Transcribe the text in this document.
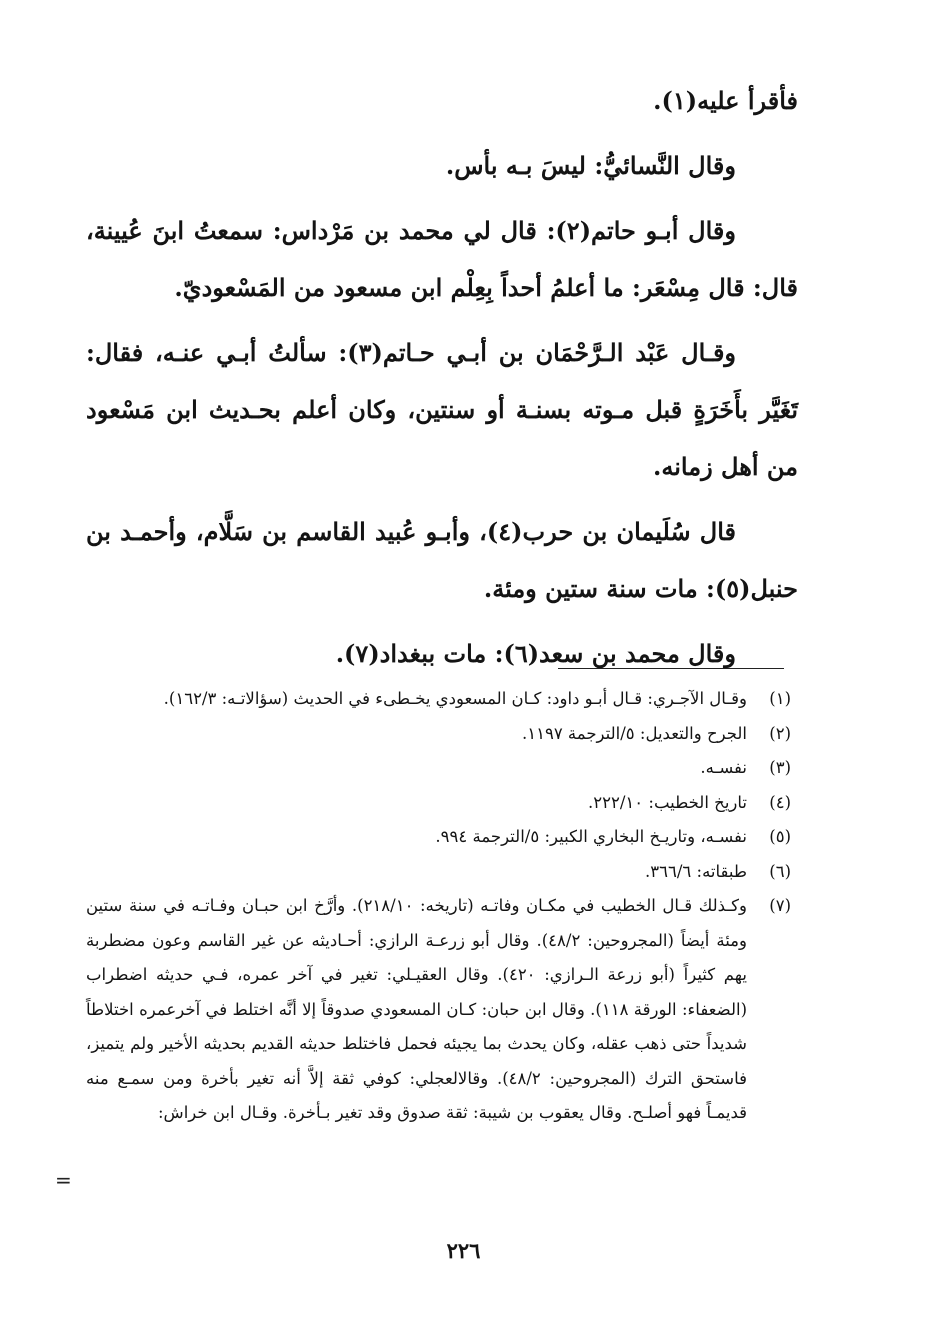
فأقرأ عليه(١).

وقال النَّسائيُّ: ليسَ بـه بأس.

وقال أبـو حاتم(٢): قال لي محمد بن مَرْداس: سمعتُ ابنَ عُيينة، قال: قال مِسْعَر: ما أعلمُ أحداً بِعِلْم ابن مسعود من المَسْعوديّ.

وقـال عَبْد الـرَّحْمَان بن أبـي حـاتم(٣): سألتُ أبـي عنـه، فقال: تَغَيَّر بأَخَرَةٍ قبل مـوته بسنـة أو سنتين، وكان أعلم بحـديث ابن مَسْعود من أهل زمانه.

قال سُلَيمان بن حرب(٤)، وأبـو عُبيد القاسم بن سَلَّام، وأحمـد بن حنبل(٥): مات سنة ستين ومئة.

وقال محمد بن سعد(٦): مات ببغداد(٧).

(١)
وقـال الآجـري: قـال أبـو داود: كـان المسعودي يخـطىء في الحديث (سؤالاتـه: ١٦٢/٣).
(٢)
الجرح والتعديل: ٥/الترجمة ١١٩٧.
(٣)
نفسـه.
(٤)
تاريخ الخطيب: ٢٢٢/١٠.
(٥)
نفسـه، وتاريـخ البخاري الكبير: ٥/الترجمة ٩٩٤.
(٦)
طبقاته: ٣٦٦/٦.
(٧)
وكـذلك قـال الخطيب في مكـان وفاتـه (تاريخه: ٢١٨/١٠). وأرَّخ ابن حبـان وفـاتـه في سنة ستين ومئة أيضاً (المجروحين: ٤٨/٢). وقال أبو زرعـة الرازي: أحـاديثه عن غير القاسم وعون مضطربة يهم كثيراً (أبو زرعة الـرازي: ٤٢٠). وقال العقيـلي: تغير في آخر عمره، فـي حديثه اضطراب (الضعفاء: الورقة ١١٨). وقال ابن حبان: كـان المسعودي صدوقاً إلا أنَّه اختلط في آخرعمره اختلاطاً شديداً حتى ذهب عقله، وكان يحدث بما يجيئه فحمل فاختلط حديثه القديم بحديثه الأخير ولم يتميز، فاستحق الترك (المجروحين: ٤٨/٢). وقالالعجلي: كوفي ثقة إلاَّ أنه تغير بأخرة ومن سمـع منه قديمـاً فهو أصلـح. وقال يعقوب بن شيبة: ثقة صدوق وقد تغير بـأخرة. وقـال ابن خراش:
=
٢٢٦
